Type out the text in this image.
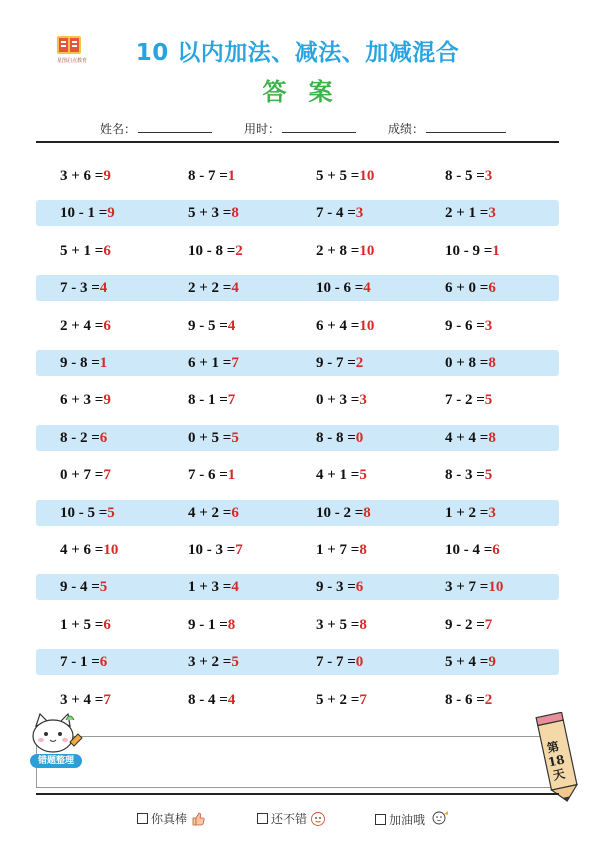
星图启点教育	10 以内加法、减法、加减混合
答案
姓名：	用时：	成绩：
3 + 6 =9	8 - 7 =1	5 + 5 =10	8 - 5 =3
10 - 1 =9	5 + 3 =8	7 - 4 =3	2 + 1 =3
5 + 1 =6	10 - 8 =2	2 + 8 =10	10 - 9 =1
7 - 3 =4	2 + 2 =4	10 - 6 =4	6 + 0 =6
2 + 4 =6	9 - 5 =4	6 + 4 =10	9 - 6 =3
9 - 8 =1	6 + 1 =7	9 - 7 =2	0 + 8 =8
6 + 3 =9	8 - 1 =7	0 + 3 =3	7 - 2 =5
8 - 2 =6	0 + 5 =5	8 - 8 =0	4 + 4 =8
0 + 7 =7	7 - 6 =1	4 + 1 =5	8 - 3 =5
10 - 5 =5	4 + 2 =6	10 - 2 =8	1 + 2 =3
4 + 6 =10	10 - 3 =7	1 + 7 =8	10 - 4 =6
9 - 4 =5	1 + 3 =4	9 - 3 =6	3 + 7 =10
1 + 5 =6	9 - 1 =8	3 + 5 =8	9 - 2 =7
7 - 1 =6	3 + 2 =5	7 - 7 =0	5 + 4 =9
3 + 4 =7	8 - 4 =4	5 + 2 =7	8 - 6 =2
错题整理
第18天
你真棒	还不错	加油哦
